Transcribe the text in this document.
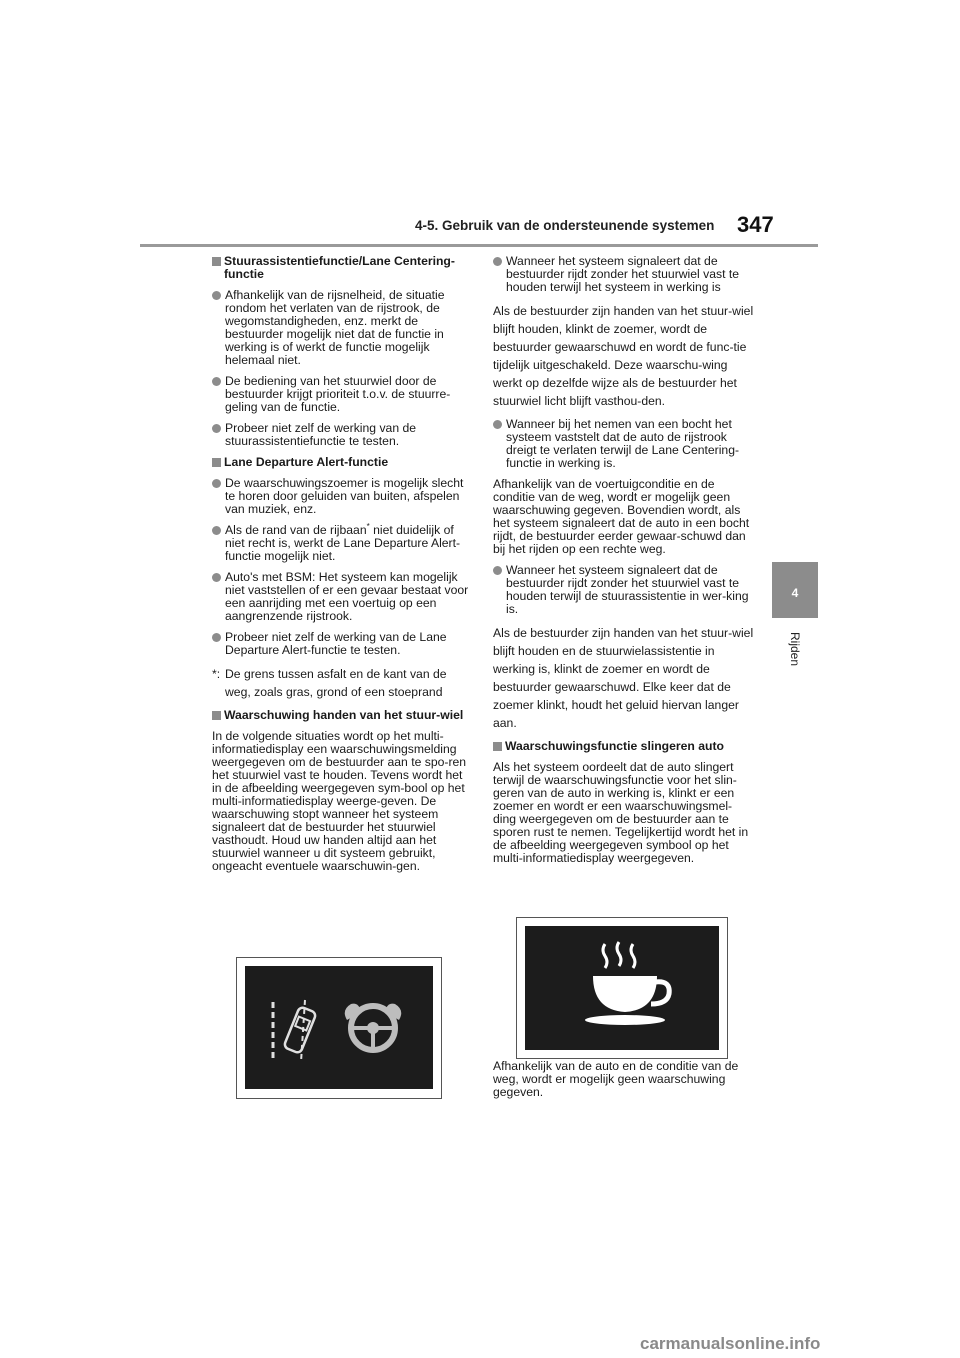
4-5. Gebruik van de ondersteunende systemen 347
4
Rijden
Stuurassistentiefunctie/Lane Centering-functie
Afhankelijk van de rijsnelheid, de situatie rondom het verlaten van de rijstrook, de wegomstandigheden, enz. merkt de bestuurder mogelijk niet dat de functie in werking is of werkt de functie mogelijk helemaal niet.
De bediening van het stuurwiel door de bestuurder krijgt prioriteit t.o.v. de stuurre-geling van de functie.
Probeer niet zelf de werking van de stuurassistentiefunctie te testen.
Lane Departure Alert-functie
De waarschuwingszoemer is mogelijk slecht te horen door geluiden van buiten, afspelen van muziek, enz.
Als de rand van de rijbaan* niet duidelijk of niet recht is, werkt de Lane Departure Alert-functie mogelijk niet.
Auto's met BSM: Het systeem kan mogelijk niet vaststellen of er een gevaar bestaat voor een aanrijding met een voertuig op een aangrenzende rijstrook.
Probeer niet zelf de werking van de Lane Departure Alert-functie te testen.
*: De grens tussen asfalt en de kant van de weg, zoals gras, grond of een stoeprand
Waarschuwing handen van het stuur-wiel
In de volgende situaties wordt op het multi-informatiedisplay een waarschuwingsmelding weergegeven om de bestuurder aan te spo-ren het stuurwiel vast te houden. Tevens wordt het in de afbeelding weergegeven sym-bool op het multi-informatiedisplay weerge-geven. De waarschuwing stopt wanneer het systeem signaleert dat de bestuurder het stuurwiel vasthoudt. Houd uw handen altijd aan het stuurwiel wanneer u dit systeem gebruikt, ongeacht eventuele waarschuwin-gen.
Wanneer het systeem signaleert dat de bestuurder rijdt zonder het stuurwiel vast te houden terwijl het systeem in werking is
Als de bestuurder zijn handen van het stuur-wiel blijft houden, klinkt de zoemer, wordt de bestuurder gewaarschuwd en wordt de func-tie tijdelijk uitgeschakeld. Deze waarschu-wing werkt op dezelfde wijze als de bestuurder het stuurwiel licht blijft vasthou-den.
Wanneer bij het nemen van een bocht het systeem vaststelt dat de auto de rijstrook dreigt te verlaten terwijl de Lane Centering-functie in werking is.
Afhankelijk van de voertuigconditie en de conditie van de weg, wordt er mogelijk geen waarschuwing gegeven. Bovendien wordt, als het systeem signaleert dat de auto in een bocht rijdt, de bestuurder eerder gewaar-schuwd dan bij het rijden op een rechte weg.
Wanneer het systeem signaleert dat de bestuurder rijdt zonder het stuurwiel vast te houden terwijl de stuurassistentie in wer-king is.
Als de bestuurder zijn handen van het stuur-wiel blijft houden en de stuurwielassistentie in werking is, klinkt de zoemer en wordt de bestuurder gewaarschuwd. Elke keer dat de zoemer klinkt, houdt het geluid hiervan langer aan.
Waarschuwingsfunctie slingeren auto
Als het systeem oordeelt dat de auto slingert terwijl de waarschuwingsfunctie voor het slin-geren van de auto in werking is, klinkt er een zoemer en wordt er een waarschuwingsmel-ding weergegeven om de bestuurder aan te sporen rust te nemen. Tegelijkertijd wordt het in de afbeelding weergegeven symbool op het multi-informatiedisplay weergegeven.
Afhankelijk van de auto en de conditie van de weg, wordt er mogelijk geen waarschuwing gegeven.
carmanualsonline.info
